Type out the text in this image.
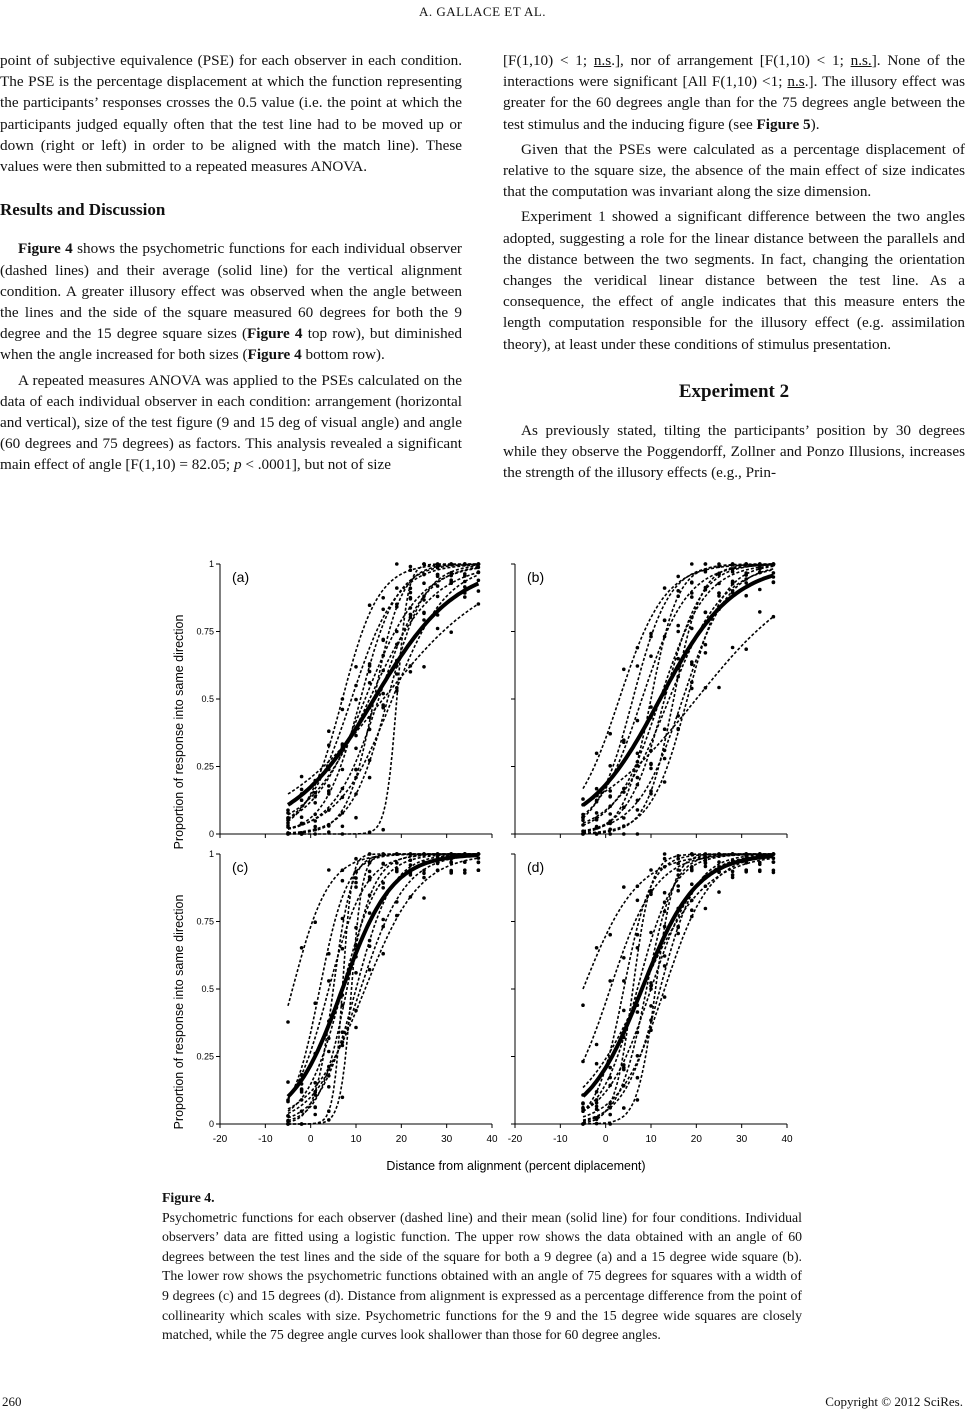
A. GALLACE ET AL.

point of subjective equivalence (PSE) for each observer in each condition. The PSE is the percentage displacement at which the function representing the participants’ responses crosses the 0.5 value (i.e. the point at which the participants judged equally often that the test line had to be moved up or down (right or left) in order to be aligned with the match line). These values were then submitted to a repeated measures ANOVA.

Results and Discussion

Figure 4 shows the psychometric functions for each individual observer (dashed lines) and their average (solid line) for the vertical alignment condition. A greater illusory effect was observed when the angle between the lines and the side of the square measured 60 degrees for both the 9 degree and the 15 degree square sizes (Figure 4 top row), but diminished when the angle increased for both sizes (Figure 4 bottom row).

A repeated measures ANOVA was applied to the PSEs calculated on the data of each individual observer in each condition: arrangement (horizontal and vertical), size of the test figure (9 and 15 deg of visual angle) and angle (60 degrees and 75 degrees) as factors. This analysis revealed a significant main effect of angle [F(1,10) = 82.05; p < .0001], but not of size

[F(1,10) < 1; n.s.], nor of arrangement [F(1,10) < 1; n.s.]. None of the interactions were significant [All F(1,10) <1; n.s.]. The illusory effect was greater for the 60 degrees angle than for the 75 degrees angle between the test stimulus and the inducing figure (see Figure 5).

Given that the PSEs were calculated as a percentage displacement of relative to the square size, the absence of the main effect of size indicates that the computation was invariant along the size dimension.

Experiment 1 showed a significant difference between the two angles adopted, suggesting a role for the linear distance between the parallels and the distance between the two segments. In fact, changing the orientation changes the veridical linear distance between the test line. As a consequence, the effect of angle indicates that this measure enters the length computation responsible for the illusory effect (e.g. assimilation theory), at least under these conditions of stimulus presentation.

Experiment 2

As previously stated, tilting the participants’ position by 30 degrees while they observe the Poggendorff, Zollner and Ponzo Illusions, increases the strength of the illusory effects (e.g., Prin-

Proportion of response into same direction
Proportion of response into same direction
Distance from alignment (percent diplacement)
0
0.25
0.5
0.75
1
(a)	(b)
0
0.25
0.5
0.75
1
-20	-10	0	10	20	30	40
(c)
-20	-10	0	10	20	30	40
(d)
Figure 4.
Psychometric functions for each observer (dashed line) and their mean (solid line) for four conditions. Individual observers’ data are fitted using a logistic function. The upper row shows the data obtained with an angle of 60 degrees between the test lines and the side of the square for both a 9 degree (a) and a 15 degree wide square (b). The lower row shows the psychometric functions obtained with an angle of 75 degrees for squares with a width of 9 degrees (c) and 15 degrees (d). Distance from alignment is expressed as a percentage difference from the point of collinearity which scales with size. Psychometric functions for the 9 and the 15 degree wide squares are closely matched, while the 75 degree angle curves look shallower than those for 60 degree angles.
260	Copyright © 2012 SciRes.
